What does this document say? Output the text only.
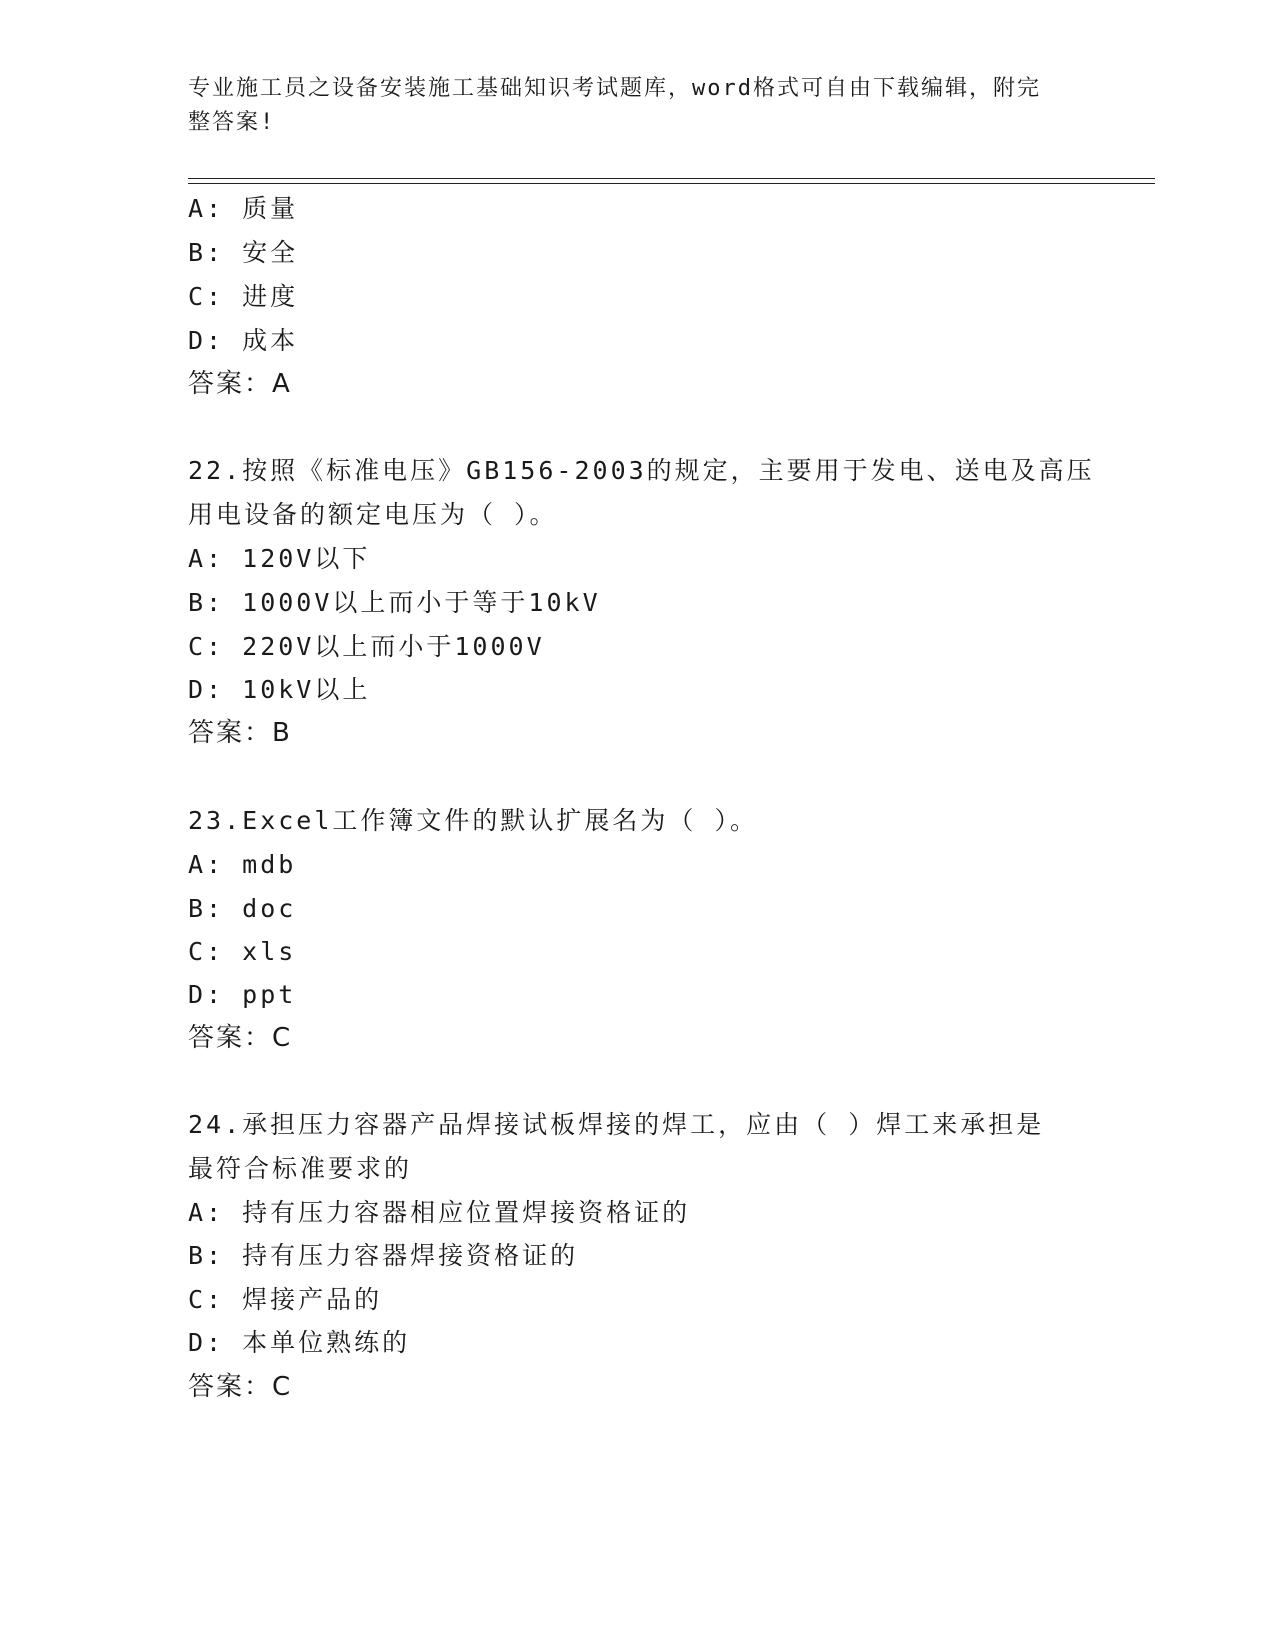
专业施工员之设备安装施工基础知识考试题库，word格式可自由下载编辑，附完
整答案!
A: 质量
B: 安全
C: 进度
D: 成本
答案：A
22.按照《标准电压》GB156-2003的规定，主要用于发电、送电及高压
用电设备的额定电压为（ ）。
A: 120V以下
B: 1000V以上而小于等于10kV
C: 220V以上而小于1000V
D: 10kV以上
答案：B
23.Excel工作簿文件的默认扩展名为（ ）。
A: mdb
B: doc
C: xls
D: ppt
答案：C
24.承担压力容器产品焊接试板焊接的焊工，应由（ ）焊工来承担是
最符合标准要求的
A: 持有压力容器相应位置焊接资格证的
B: 持有压力容器焊接资格证的
C: 焊接产品的
D: 本单位熟练的
答案：C
